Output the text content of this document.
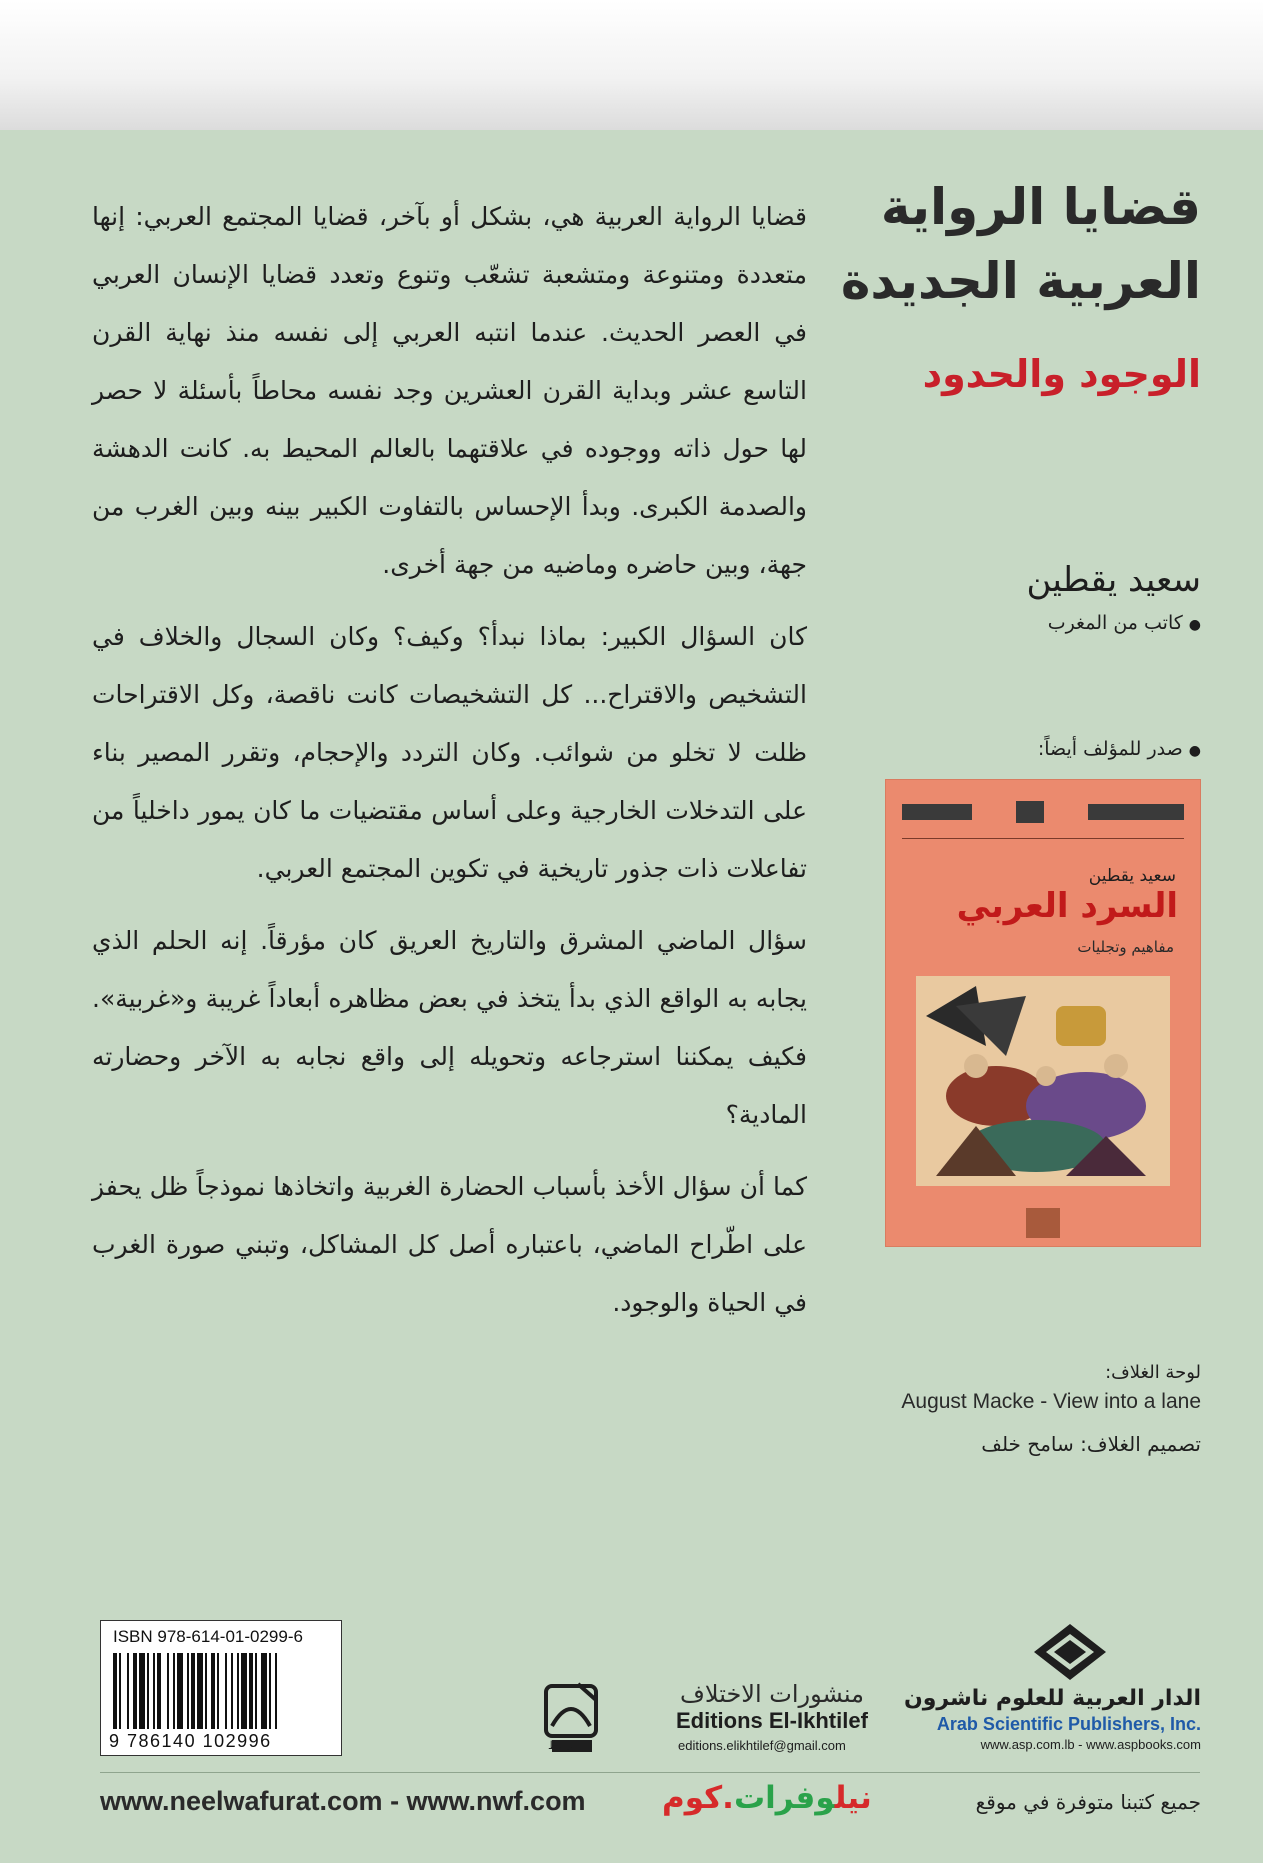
قضايا الرواية
العربية الجديدة
الوجود والحدود
سعيد يقطين
●كاتب من المغرب
●صدر للمؤلف أيضاً:
سعيد يقطين
السرد العربي
مفاهيم وتجليات

قضايا الرواية العربية هي، بشكل أو بآخر، قضايا المجتمع العربي: إنها متعددة ومتنوعة ومتشعبة تشعّب وتنوع وتعدد قضايا الإنسان العربي في العصر الحديث. عندما انتبه العربي إلى نفسه منذ نهاية القرن التاسع عشر وبداية القرن العشرين وجد نفسه محاطاً بأسئلة لا حصر لها حول ذاته ووجوده في علاقتهما بالعالم المحيط به. كانت الدهشة والصدمة الكبرى. وبدأ الإحساس بالتفاوت الكبير بينه وبين الغرب من جهة، وبين حاضره وماضيه من جهة أخرى.

كان السؤال الكبير: بماذا نبدأ؟ وكيف؟ وكان السجال والخلاف في التشخيص والاقتراح... كل التشخيصات كانت ناقصة، وكل الاقتراحات ظلت لا تخلو من شوائب. وكان التردد والإحجام، وتقرر المصير بناء على التدخلات الخارجية وعلى أساس مقتضيات ما كان يمور داخلياً من تفاعلات ذات جذور تاريخية في تكوين المجتمع العربي.

سؤال الماضي المشرق والتاريخ العريق كان مؤرقاً. إنه الحلم الذي يجابه به الواقع الذي بدأ يتخذ في بعض مظاهره أبعاداً غريبة و«غربية». فكيف يمكننا استرجاعه وتحويله إلى واقع نجابه به الآخر وحضارته المادية؟

كما أن سؤال الأخذ بأسباب الحضارة الغربية واتخاذها نموذجاً ظل يحفز على اطّراح الماضي، باعتباره أصل كل المشاكل، وتبني صورة الغرب في الحياة والوجود.

لوحة الغلاف:
August Macke - View into a lane
تصميم الغلاف: سامح خلف
ISBN 978-614-01-0299-6
9 786140 102996	الرباط
منشورات الاختلاف
Editions El-Ikhtilef
editions.elikhtilef@gmail.com
الدار العربية للعلوم ناشرون
Arab Scientific Publishers, Inc.
www.asp.com.lb - www.aspbooks.com
www.neelwafurat.com - www.nwf.com	نيلوفرات.كوم	جميع كتبنا متوفرة في موقع
